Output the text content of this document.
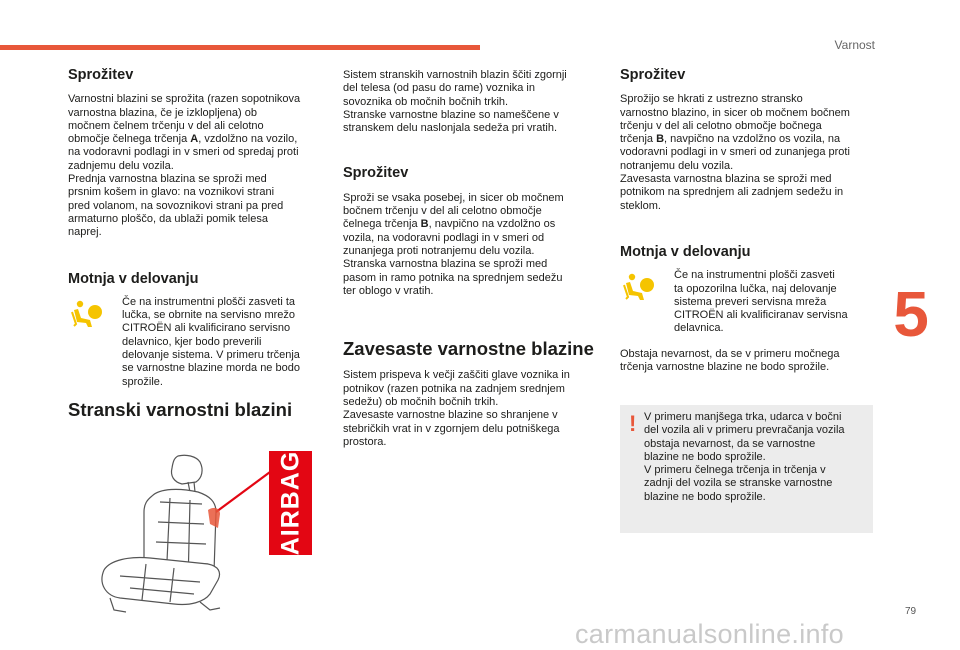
Varnost
Sprožitev

Varnostni blazini se sprožita (razen sopotnikova
varnostna blazina, če je izklopljena) ob
močnem čelnem trčenju v del ali celotno
območje čelnega trčenja A, vzdolžno na vozilo,
na vodoravni podlagi in v smeri od spredaj proti
zadnjemu delu vozila.
Prednja varnostna blazina se sproži med
prsnim košem in glavo: na voznikovi strani
pred volanom, na sovoznikovi strani pa pred
armaturno ploščo, da ublaži pomik telesa
naprej.

Motnja v delovanju

Če na instrumentni plošči zasveti ta
lučka, se obrnite na servisno mrežo
CITROËN ali kvalificirano servisno
delavnico, kjer bodo preverili
delovanje sistema. V primeru trčenja
se varnostne blazine morda ne bodo
sprožile.

Stranski varnostni blazini
AIRBAG

Sistem stranskih varnostnih blazin ščiti zgornji
del telesa (od pasu do rame) voznika in
sovoznika ob močnih bočnih trkih.
Stranske varnostne blazine so nameščene v
stranskem delu naslonjala sedeža pri vratih.

Sprožitev

Sproži se vsaka posebej, in sicer ob močnem
bočnem trčenju v del ali celotno območje
čelnega trčenja B, navpično na vzdolžno os
vozila, na vodoravni podlagi in v smeri od
zunanjega proti notranjemu delu vozila.
Stranska varnostna blazina se sproži med
pasom in ramo potnika na sprednjem sedežu
ter oblogo v vratih.

Zavesaste varnostne blazine

Sistem prispeva k večji zaščiti glave voznika in
potnikov (razen potnika na zadnjem srednjem
sedežu) ob močnih bočnih trkih.
Zavesaste varnostne blazine so shranjene v
stebričkih vrat in v zgornjem delu potniškega
prostora.

Sprožitev

Sprožijo se hkrati z ustrezno stransko
varnostno blazino, in sicer ob močnem bočnem
trčenju v del ali celotno območje bočnega
trčenja B, navpično na vzdolžno os vozila, na
vodoravni podlagi in v smeri od zunanjega proti
notranjemu delu vozila.
Zavesasta varnostna blazina se sproži med
potnikom na sprednjem ali zadnjem sedežu in
steklom.

Motnja v delovanju

Če na instrumentni plošči zasveti
ta opozorilna lučka, naj delovanje
sistema preveri servisna mreža
CITROËN ali kvalificiranav servisna
delavnica.

Obstaja nevarnost, da se v primeru močnega
trčenja varnostne blazine ne bodo sprožile.

! V primeru manjšega trka, udarca v bočni
del vozila ali v primeru prevračanja vozila
obstaja nevarnost, da se varnostne
blazine ne bodo sprožile.
V primeru čelnega trčenja in trčenja v
zadnji del vozila se stranske varnostne
blazine ne bodo sprožile.

5
79
carmanualsonline.info
